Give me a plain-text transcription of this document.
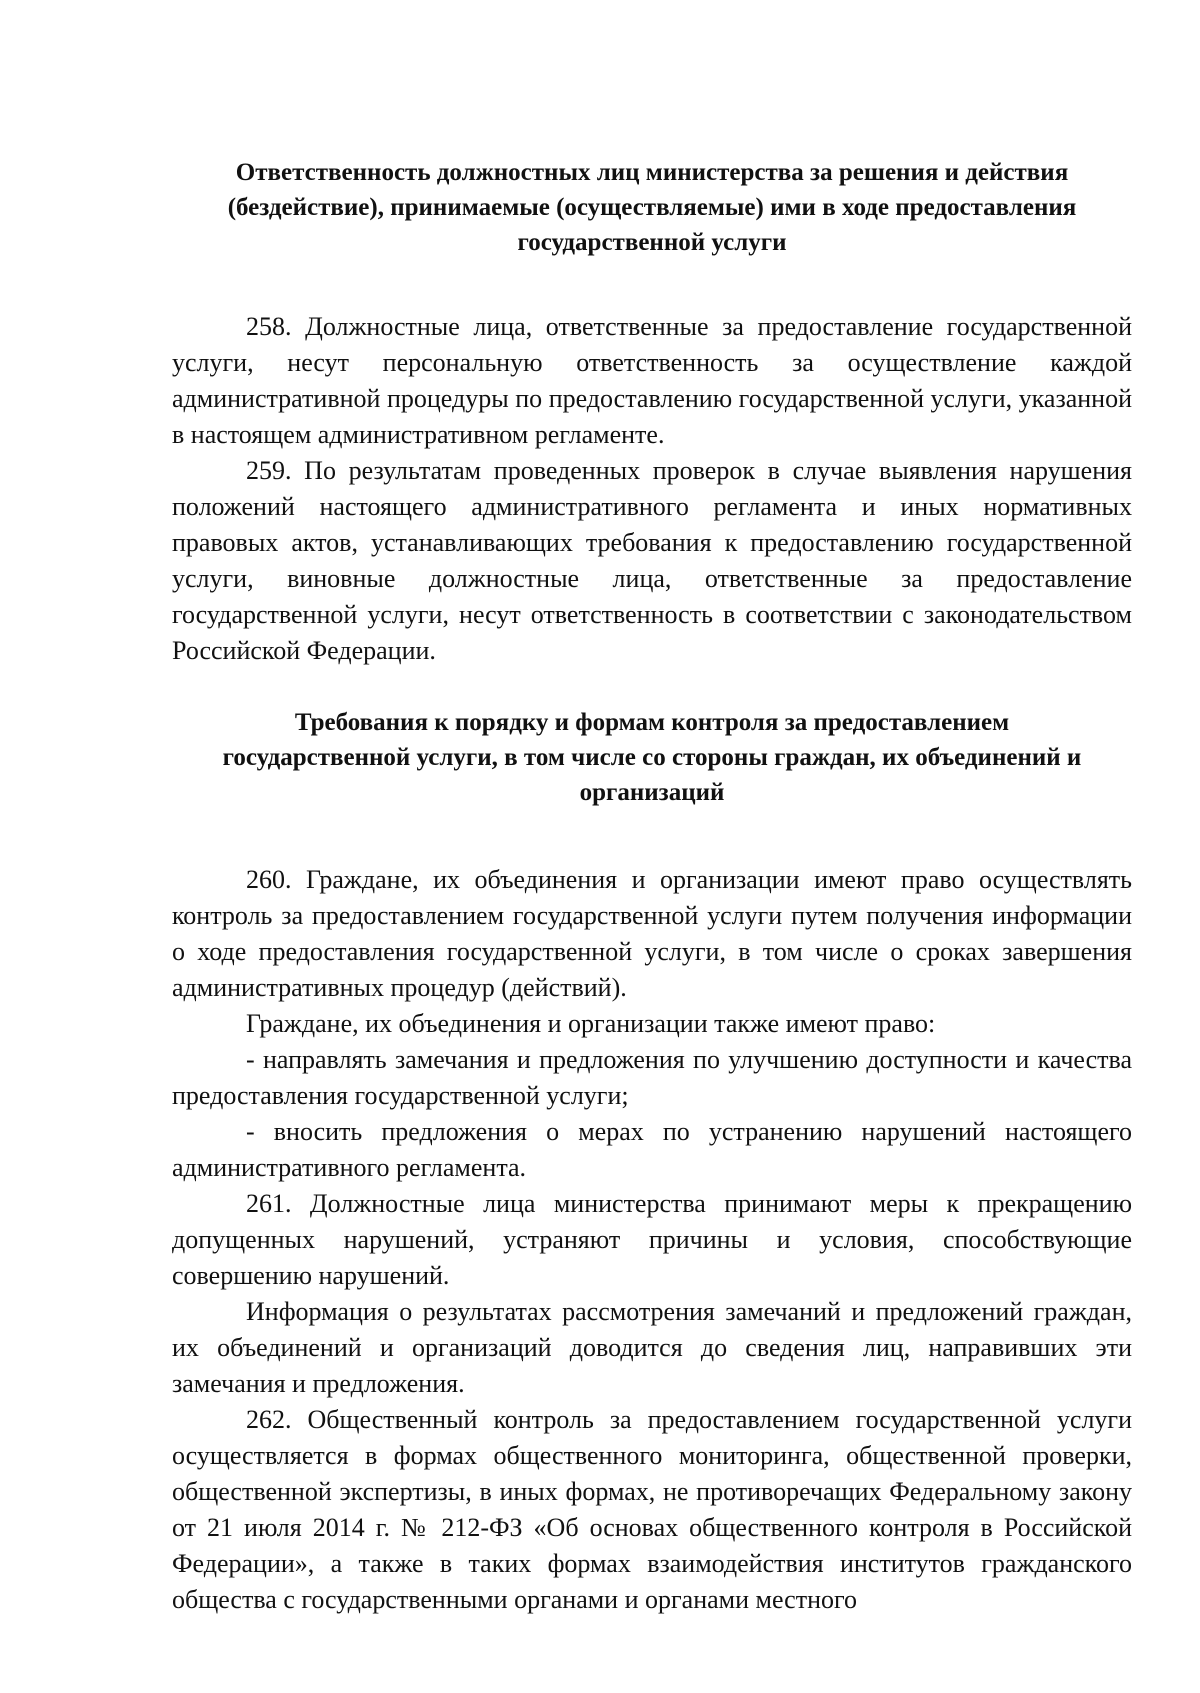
Ответственность должностных лиц министерства за решения и действия
(бездействие), принимаемые (осуществляемые) ими в ходе предоставления
государственной услуги

258. Должностные лица, ответственные за предоставление государственной услуги, несут персональную ответственность за осуществление каждой административной процедуры по предоставлению государственной услуги, указанной в настоящем административном регламенте.

259. По результатам проведенных проверок в случае выявления нарушения положений настоящего административного регламента и иных нормативных правовых актов, устанавливающих требования к предоставлению государственной услуги, виновные должностные лица, ответственные за предоставление государственной услуги, несут ответственность в соответствии с законодательством Российской Федерации.

Требования к порядку и формам контроля за предоставлением
государственной услуги, в том числе со стороны граждан, их объединений и
организаций

260. Граждане, их объединения и организации имеют право осуществлять контроль за предоставлением государственной услуги путем получения информации о ходе предоставления государственной услуги, в том числе о сроках завершения административных процедур (действий).

Граждане, их объединения и организации также имеют право:

- направлять замечания и предложения по улучшению доступности и качества предоставления государственной услуги;

- вносить предложения о мерах по устранению нарушений настоящего административного регламента.

261. Должностные лица министерства принимают меры к прекращению допущенных нарушений, устраняют причины и условия, способствующие совершению нарушений.

Информация о результатах рассмотрения замечаний и предложений граждан, их объединений и организаций доводится до сведения лиц, направивших эти замечания и предложения.

262. Общественный контроль за предоставлением государственной услуги осуществляется в формах общественного мониторинга, общественной проверки, общественной экспертизы, в иных формах, не противоречащих Федеральному закону от 21 июля 2014 г. № 212-ФЗ «Об основах общественного контроля в Российской Федерации», а также в таких формах взаимодействия институтов гражданского общества с государственными органами и органами местного
